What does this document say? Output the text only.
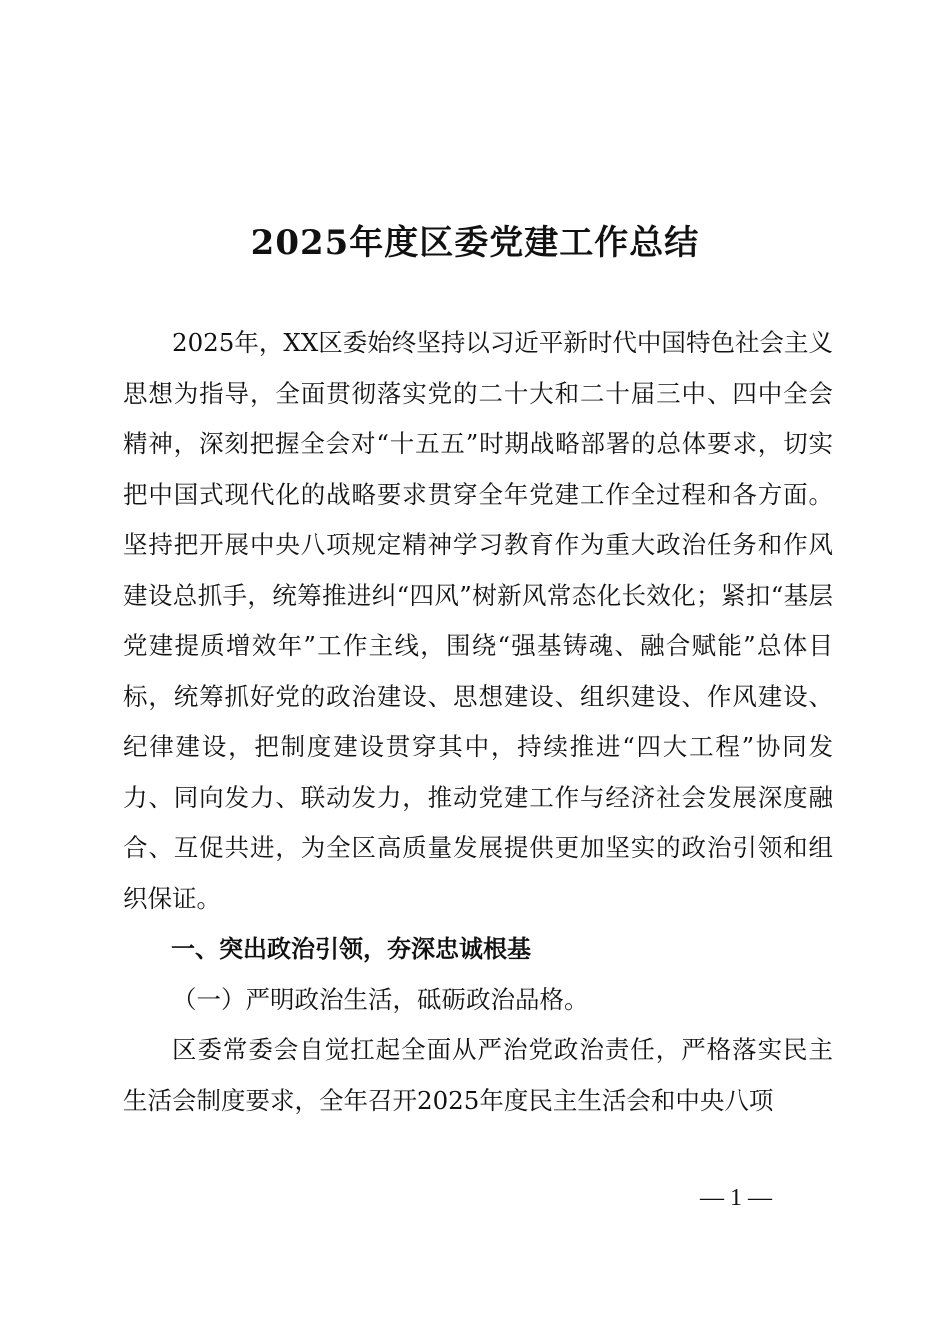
2025年度区委党建工作总结

2025年，XX区委始终坚持以习近平新时代中国特色社会主义思想为指导，全面贯彻落实党的二十大和二十届三中、四中全会精神，深刻把握全会对“十五五”时期战略部署的总体要求，切实把中国式现代化的战略要求贯穿全年党建工作全过程和各方面。坚持把开展中央八项规定精神学习教育作为重大政治任务和作风建设总抓手，统筹推进纠“四风”树新风常态化长效化；紧扣“基层党建提质增效年”工作主线，围绕“强基铸魂、融合赋能”总体目标，统筹抓好党的政治建设、思想建设、组织建设、作风建设、纪律建设，把制度建设贯穿其中，持续推进“四大工程”协同发力、同向发力、联动发力，推动党建工作与经济社会发展深度融合、互促共进，为全区高质量发展提供更加坚实的政治引领和组织保证。

一、突出政治引领，夯深忠诚根基

（一）严明政治生活，砥砺政治品格。

区委常委会自觉扛起全面从严治党政治责任，严格落实民主生活会制度要求，全年召开2025年度民主生活会和中央八项

— 1 —
